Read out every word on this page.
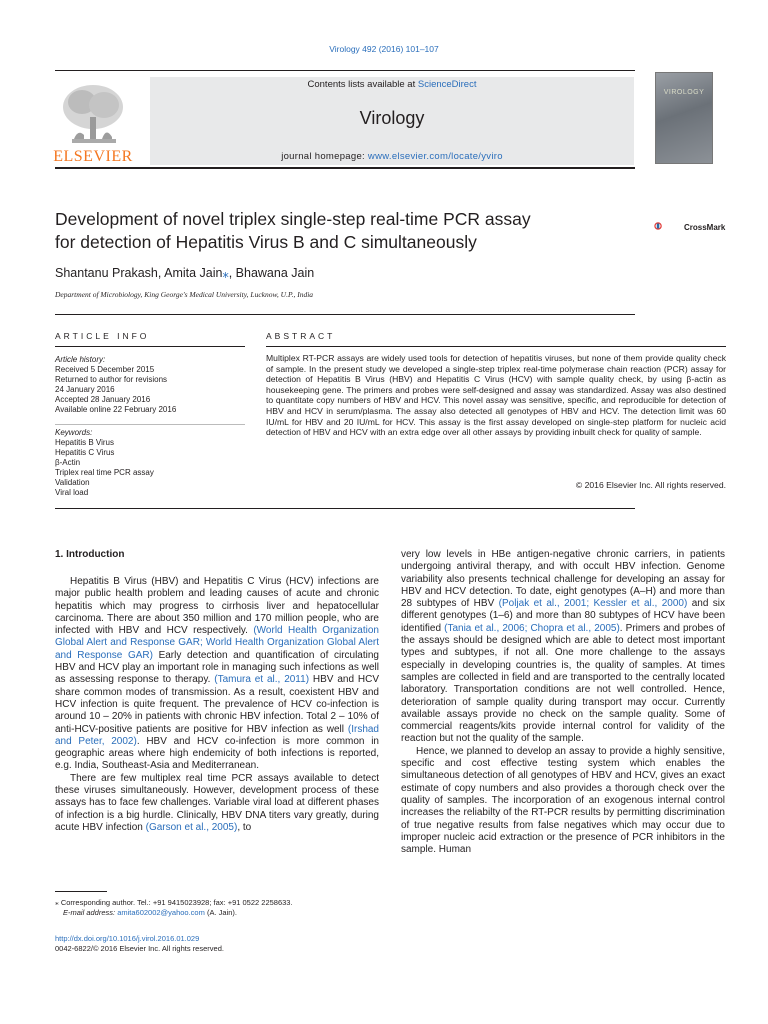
Virology 492 (2016) 101–107
ELSEVIER
Contents lists available at ScienceDirect
Virology
journal homepage: www.elsevier.com/locate/yviro
VIROLOGY
Development of novel triplex single-step real-time PCR assay
for detection of Hepatitis Virus B and C simultaneously
CrossMark
Shantanu Prakash, Amita Jain⁎, Bhawana Jain
Department of Microbiology, King George's Medical University, Lucknow, U.P., India
ARTICLE INFO	ABSTRACT
Article history:
Received 5 December 2015
Returned to author for revisions
24 January 2016
Accepted 28 January 2016
Available online 22 February 2016
Keywords:
Hepatitis B Virus
Hepatitis C Virus
β-Actin
Triplex real time PCR assay
Validation
Viral load
Multiplex RT-PCR assays are widely used tools for detection of hepatitis viruses, but none of them provide quality check of sample. In the present study we developed a single-step triplex real-time polymerase chain reaction (PCR) assay for detection of Hepatitis B Virus (HBV) and Hepatitis C Virus (HCV) with sample quality check, by using β-actin as housekeeping gene. The primers and probes were self-designed and assay was standardized. Assay was also destined to quantitate copy numbers of HBV and HCV. This novel assay was sensitive, specific, and reproducible for detection of HBV and HCV in serum/plasma. The assay also detected all genotypes of HBV and HCV. The detection limit was 60 IU/mL for HBV and 20 IU/mL for HCV. This assay is the first assay developed on single-step platform for nucleic acid detection of HBV and HCV with an extra edge over all other assays by providing inbuilt check for quality of sample.
© 2016 Elsevier Inc. All rights reserved.
1. Introduction

Hepatitis B Virus (HBV) and Hepatitis C Virus (HCV) infections are major public health problem and leading causes of acute and chronic hepatitis which may progress to cirrhosis liver and hepatocellular carcinoma. There are about 350 million and 170 million people, who are infected with HBV and HCV respectively. (World Health Organization Global Alert and Response GAR; World Health Organization Global Alert and Response GAR) Early detection and quantification of circulating HBV and HCV play an important role in managing such infections as well as assessing response to therapy. (Tamura et al., 2011) HBV and HCV share common modes of transmission. As a result, coexistent HBV and HCV infection is quite frequent. The prevalence of HCV co-infection is around 10 – 20% in patients with chronic HBV infection. Total 2 – 10% of anti-HCV-positive patients are positive for HBV infection as well (Irshad and Peter, 2002). HBV and HCV co-infection is more common in geographic areas where high endemicity of both infections is reported, e.g. India, Southeast-Asia and Mediterranean.

There are few multiplex real time PCR assays available to detect these viruses simultaneously. However, development process of these assays has to face few challenges. Variable viral load at different phases of infection is a big hurdle. Clinically, HBV DNA titers vary greatly, during acute HBV infection (Garson et al., 2005), to

very low levels in HBe antigen-negative chronic carriers, in patients undergoing antiviral therapy, and with occult HBV infection. Genome variability also presents technical challenge for developing an assay for HBV and HCV detection. To date, eight genotypes (A–H) and more than 28 subtypes of HBV (Poljak et al., 2001; Kessler et al., 2000) and six different genotypes (1–6) and more than 80 subtypes of HCV have been identified (Tania et al., 2006; Chopra et al., 2005). Primers and probes of the assays should be designed which are able to detect most important types and subtypes, if not all. One more challenge to the assays especially in developing countries is, the quality of samples. At times samples are collected in field and are transported to the centrally located laboratory. Transportation conditions are not well controlled. Hence, deterioration of sample quality during transport may occur. Currently available assays provide no check on the sample quality. Some of commercial reagents/kits provide internal control for validity of the reaction but not the quality of the sample.

Hence, we planned to develop an assay to provide a highly sensitive, specific and cost effective testing system which enables the simultaneous detection of all genotypes of HBV and HCV, gives an exact estimate of copy numbers and also provides a thorough check over the quality of samples. The incorporation of an exogenous internal control increases the reliabilty of the RT-PCR results by permitting discrimination of true negative results from false negatives which may occur due to improper nucleic acid extraction or the presence of PCR inhibitors in the sample. Human

⁎ Corresponding author. Tel.: +91 9415023928; fax: +91 0522 2258633.
E-mail address: amita602002@yahoo.com (A. Jain).
http://dx.doi.org/10.1016/j.virol.2016.01.029
0042-6822/© 2016 Elsevier Inc. All rights reserved.
